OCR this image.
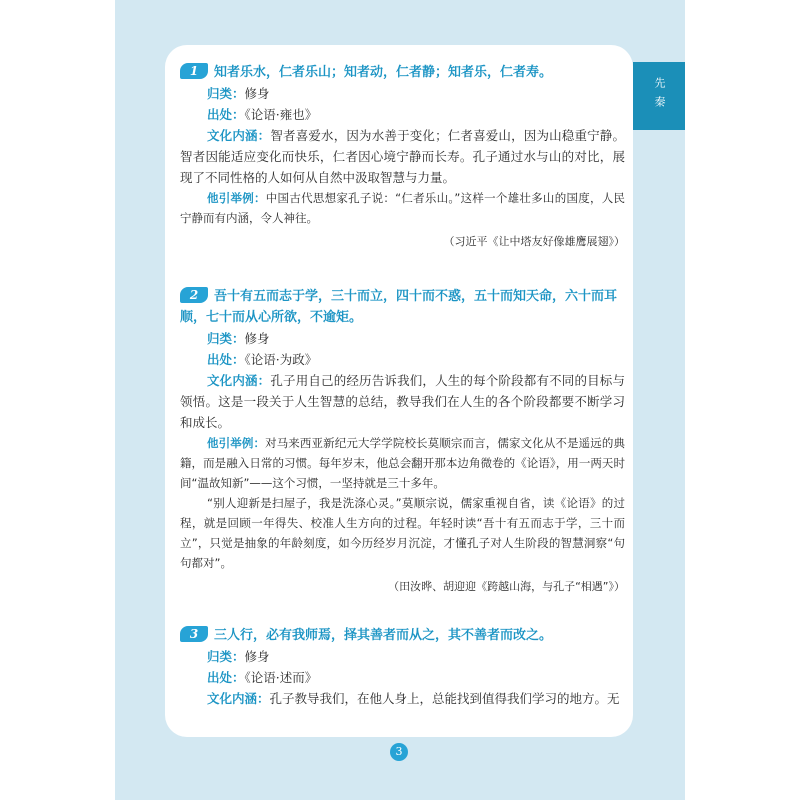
先秦
1 知者乐水，仁者乐山；知者动，仁者静；知者乐，仁者寿。
归类：修身
出处：《论语·雍也》
文化内涵：智者喜爱水，因为水善于变化；仁者喜爱山，因为山稳重宁静。智者因能适应变化而快乐，仁者因心境宁静而长寿。孔子通过水与山的对比，展现了不同性格的人如何从自然中汲取智慧与力量。
他引举例：中国古代思想家孔子说：“仁者乐山。”这样一个雄壮多山的国度，人民宁静而有内涵，令人神往。
（习近平《让中塔友好像雄鹰展翅》）
2 吾十有五而志于学，三十而立，四十而不惑，五十而知天命，六十而耳顺，七十而从心所欲，不逾矩。
归类：修身
出处：《论语·为政》
文化内涵：孔子用自己的经历告诉我们，人生的每个阶段都有不同的目标与领悟。这是一段关于人生智慧的总结，教导我们在人生的各个阶段都要不断学习和成长。
他引举例：对马来西亚新纪元大学学院校长莫顺宗而言，儒家文化从不是遥远的典籍，而是融入日常的习惯。每年岁末，他总会翻开那本边角微卷的《论语》，用一两天时间“温故知新”——这个习惯，一坚持就是三十多年。
“别人迎新是扫屋子，我是洗涤心灵。”莫顺宗说，儒家重视自省，读《论语》的过程，就是回顾一年得失、校准人生方向的过程。年轻时读“吾十有五而志于学，三十而立”，只觉是抽象的年龄刻度，如今历经岁月沉淀，才懂孔子对人生阶段的智慧洞察“句句都对”。
（田汝晔、胡迎迎《跨越山海，与孔子“相遇”》）
3 三人行，必有我师焉，择其善者而从之，其不善者而改之。
归类：修身
出处：《论语·述而》
文化内涵：孔子教导我们，在他人身上，总能找到值得我们学习的地方。无
3
